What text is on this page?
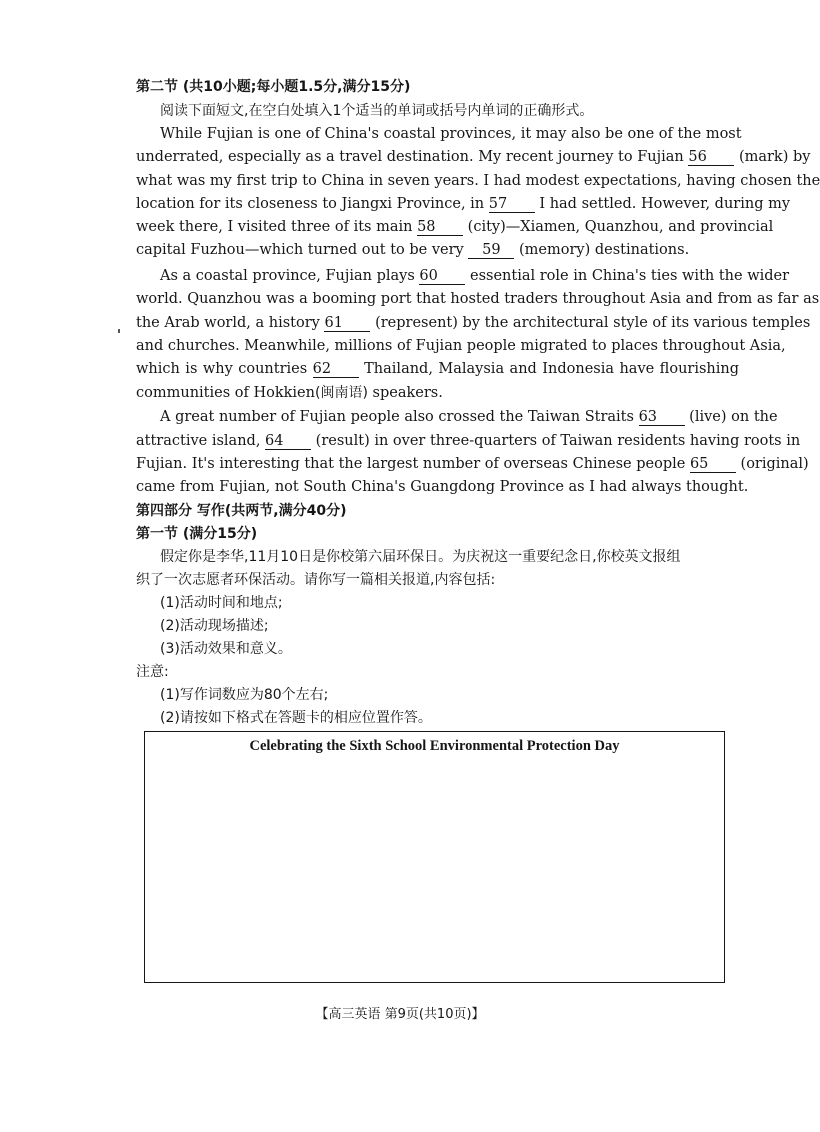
第二节 (共10小题;每小题1.5分,满分15分)
阅读下面短文,在空白处填入1个适当的单词或括号内单词的正确形式。
While Fujian is one of China's coastal provinces, it may also be one of the most
underrated, especially as a travel destination. My recent journey to Fujian 56 (mark) by
what was my first trip to China in seven years. I had modest expectations, having chosen the
location for its closeness to Jiangxi Province, in 57 I had settled. However, during my
week there, I visited three of its main 58 (city)—Xiamen, Quanzhou, and provincial
capital Fuzhou—which turned out to be very 59 (memory) destinations.
As a coastal province, Fujian plays 60 essential role in China's ties with the wider
world. Quanzhou was a booming port that hosted traders throughout Asia and from as far as
the Arab world, a history 61 (represent) by the architectural style of its various temples
and churches. Meanwhile, millions of Fujian people migrated to places throughout Asia,
which is why countries 62 Thailand, Malaysia and Indonesia have flourishing
communities of Hokkien(闽南语) speakers.
A great number of Fujian people also crossed the Taiwan Straits 63 (live) on the
attractive island, 64 (result) in over three-quarters of Taiwan residents having roots in
Fujian. It's interesting that the largest number of overseas Chinese people 65 (original)
came from Fujian, not South China's Guangdong Province as I had always thought.
第四部分 写作(共两节,满分40分)
第一节 (满分15分)
假定你是李华,11月10日是你校第六届环保日。为庆祝这一重要纪念日,你校英文报组
织了一次志愿者环保活动。请你写一篇相关报道,内容包括:
(1)活动时间和地点;
(2)活动现场描述;
(3)活动效果和意义。
注意:
(1)写作词数应为80个左右;
(2)请按如下格式在答题卡的相应位置作答。
Celebrating the Sixth School Environmental Protection Day
【高三英语 第9页(共10页)】
